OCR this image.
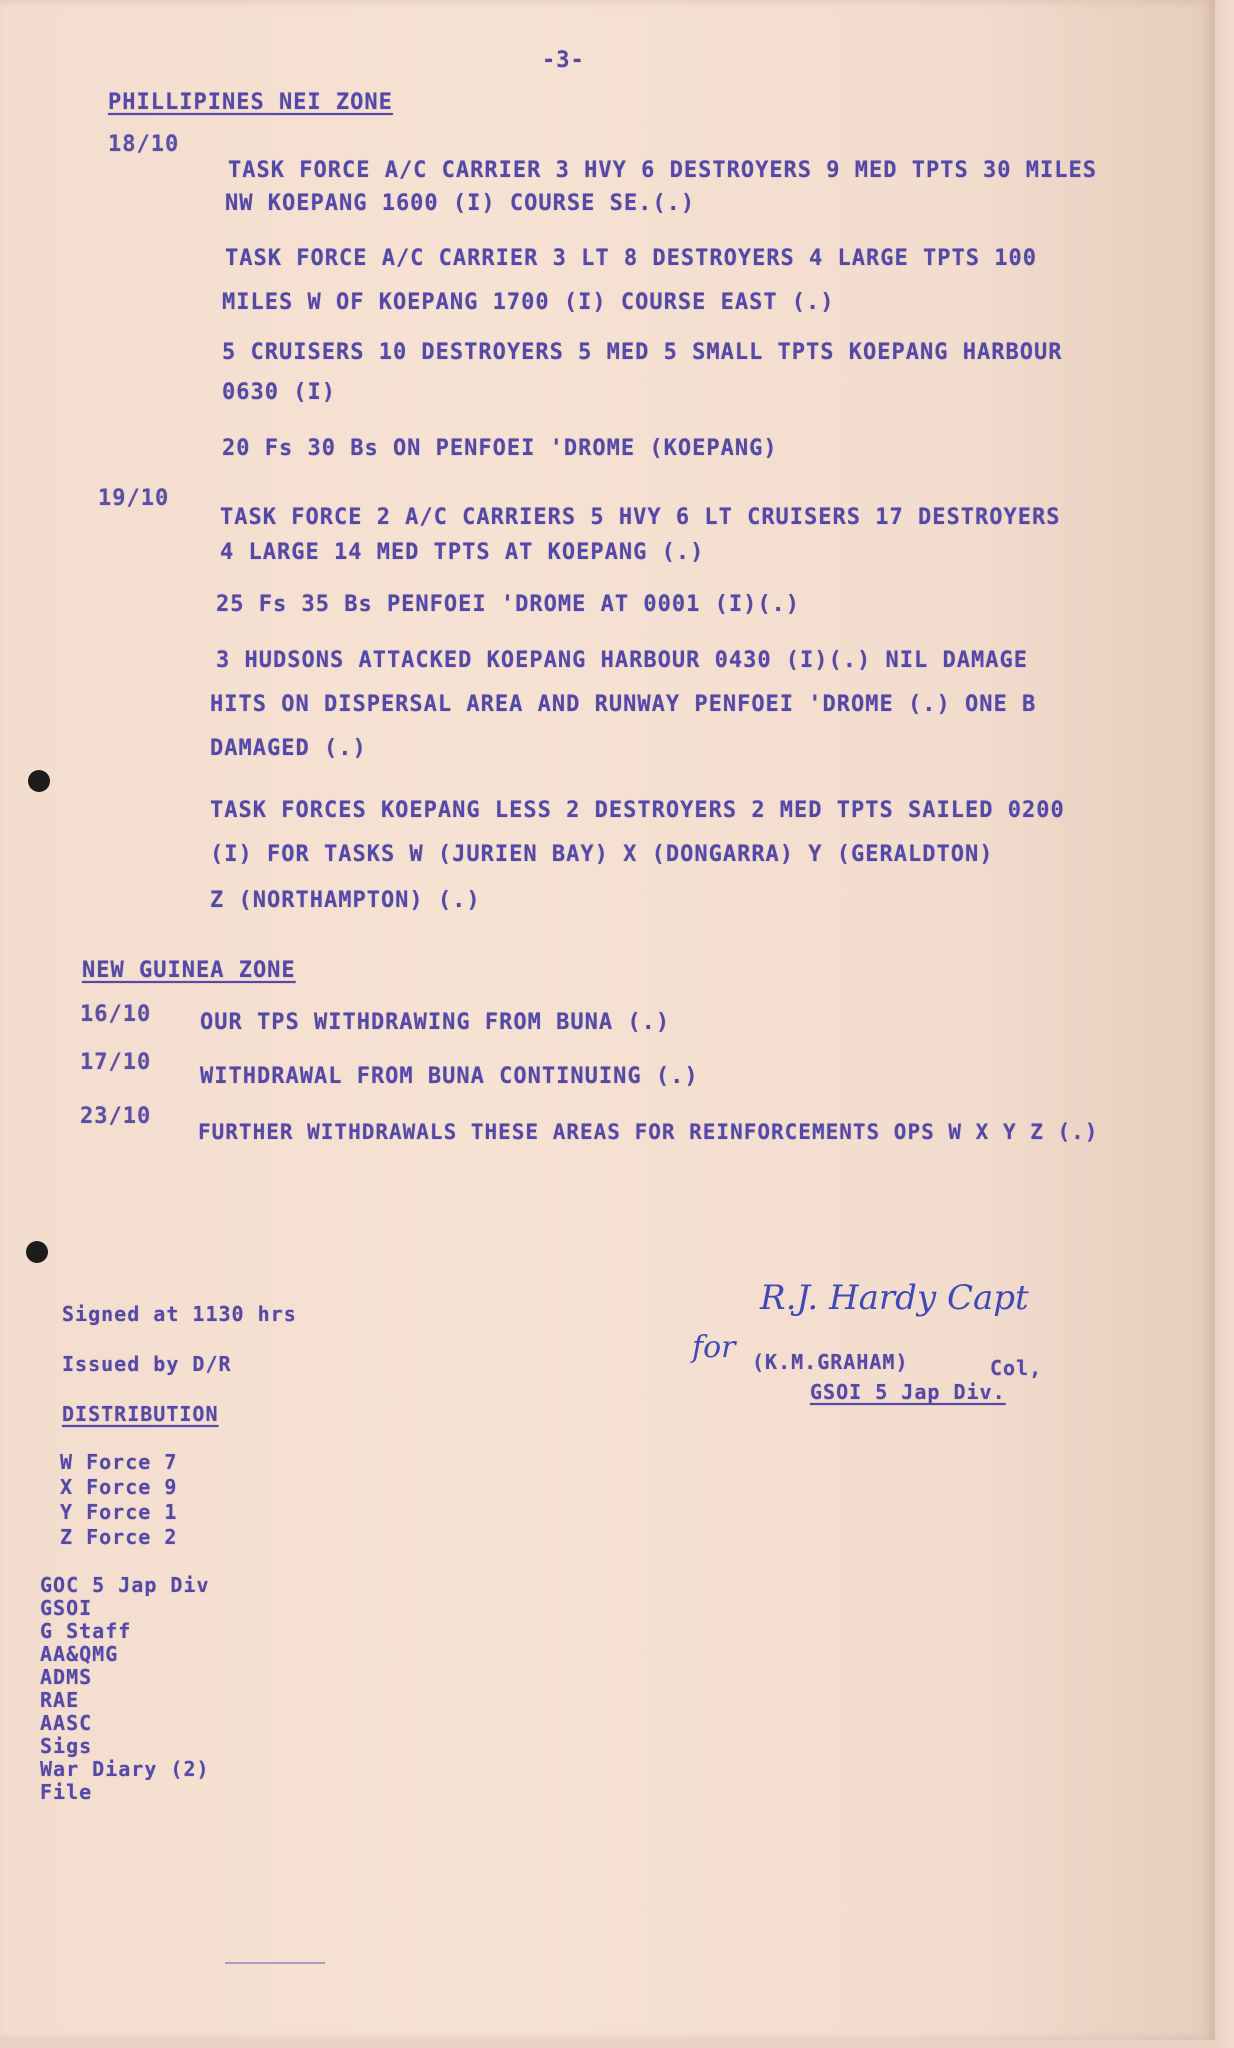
-3-
PHILLIPINES NEI ZONE
18/10
TASK FORCE A/C CARRIER 3 HVY 6 DESTROYERS 9 MED TPTS 30 MILES
NW KOEPANG 1600 (I) COURSE SE.(.)
TASK FORCE A/C CARRIER 3 LT 8 DESTROYERS 4 LARGE TPTS 100
MILES W OF KOEPANG 1700 (I) COURSE EAST (.)
5 CRUISERS 10 DESTROYERS 5 MED 5 SMALL TPTS KOEPANG HARBOUR
0630 (I)
20 Fs 30 Bs ON PENFOEI 'DROME (KOEPANG)
19/10
TASK FORCE 2 A/C CARRIERS 5 HVY 6 LT CRUISERS 17 DESTROYERS
4 LARGE 14 MED TPTS AT KOEPANG (.)
25 Fs 35 Bs PENFOEI 'DROME AT 0001 (I)(.)
3 HUDSONS ATTACKED KOEPANG HARBOUR 0430 (I)(.) NIL DAMAGE
HITS ON DISPERSAL AREA AND RUNWAY PENFOEI 'DROME (.) ONE B
DAMAGED (.)
TASK FORCES KOEPANG LESS 2 DESTROYERS 2 MED TPTS SAILED 0200
(I) FOR TASKS W (JURIEN BAY) X (DONGARRA) Y (GERALDTON)
Z (NORTHAMPTON) (.)
NEW GUINEA ZONE
16/10 OUR TPS WITHDRAWING FROM BUNA (.)
17/10
WITHDRAWAL FROM BUNA CONTINUING (.)
23/10
FURTHER WITHDRAWALS THESE AREAS FOR REINFORCEMENTS OPS W X Y Z (.)
Signed at 1130 hrs
Issued by D/R
R.J. Hardy Capt
for (K.M.GRAHAM)	Col,
GSOI 5 Jap Div.
DISTRIBUTION
W Force 7
X Force 9
Y Force 1
Z Force 2
GOC 5 Jap Div
GSOI
G Staff
AA&QMG
ADMS
RAE
AASC
Sigs
War Diary (2)
File
